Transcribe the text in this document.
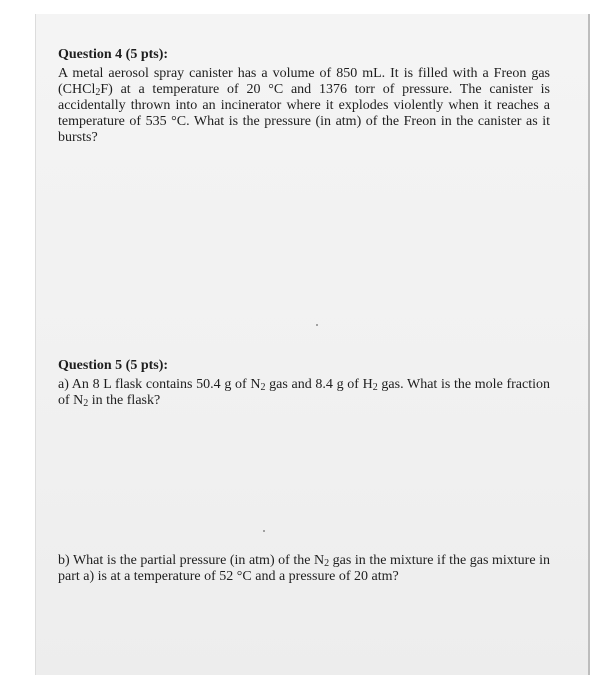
Question 4 (5 pts):

A metal aerosol spray canister has a volume of 850 mL. It is filled with a Freon gas (CHCl$_2$F) at a temperature of 20 °C and 1376 torr of pressure. The canister is accidentally thrown into an incinerator where it explodes violently when it reaches a temperature of 535 °C. What is the pressure (in atm) of the Freon in the canister as it bursts?

Question 5 (5 pts):

a) An 8 L flask contains 50.4 g of $N_2$ gas and 8.4 g of $H_2$ gas. What is the mole fraction of $N_2$ in the flask?

b) What is the partial pressure (in atm) of the $N_2$ gas in the mixture if the gas mixture in part a) is at a temperature of 52 °C and a pressure of 20 atm?
